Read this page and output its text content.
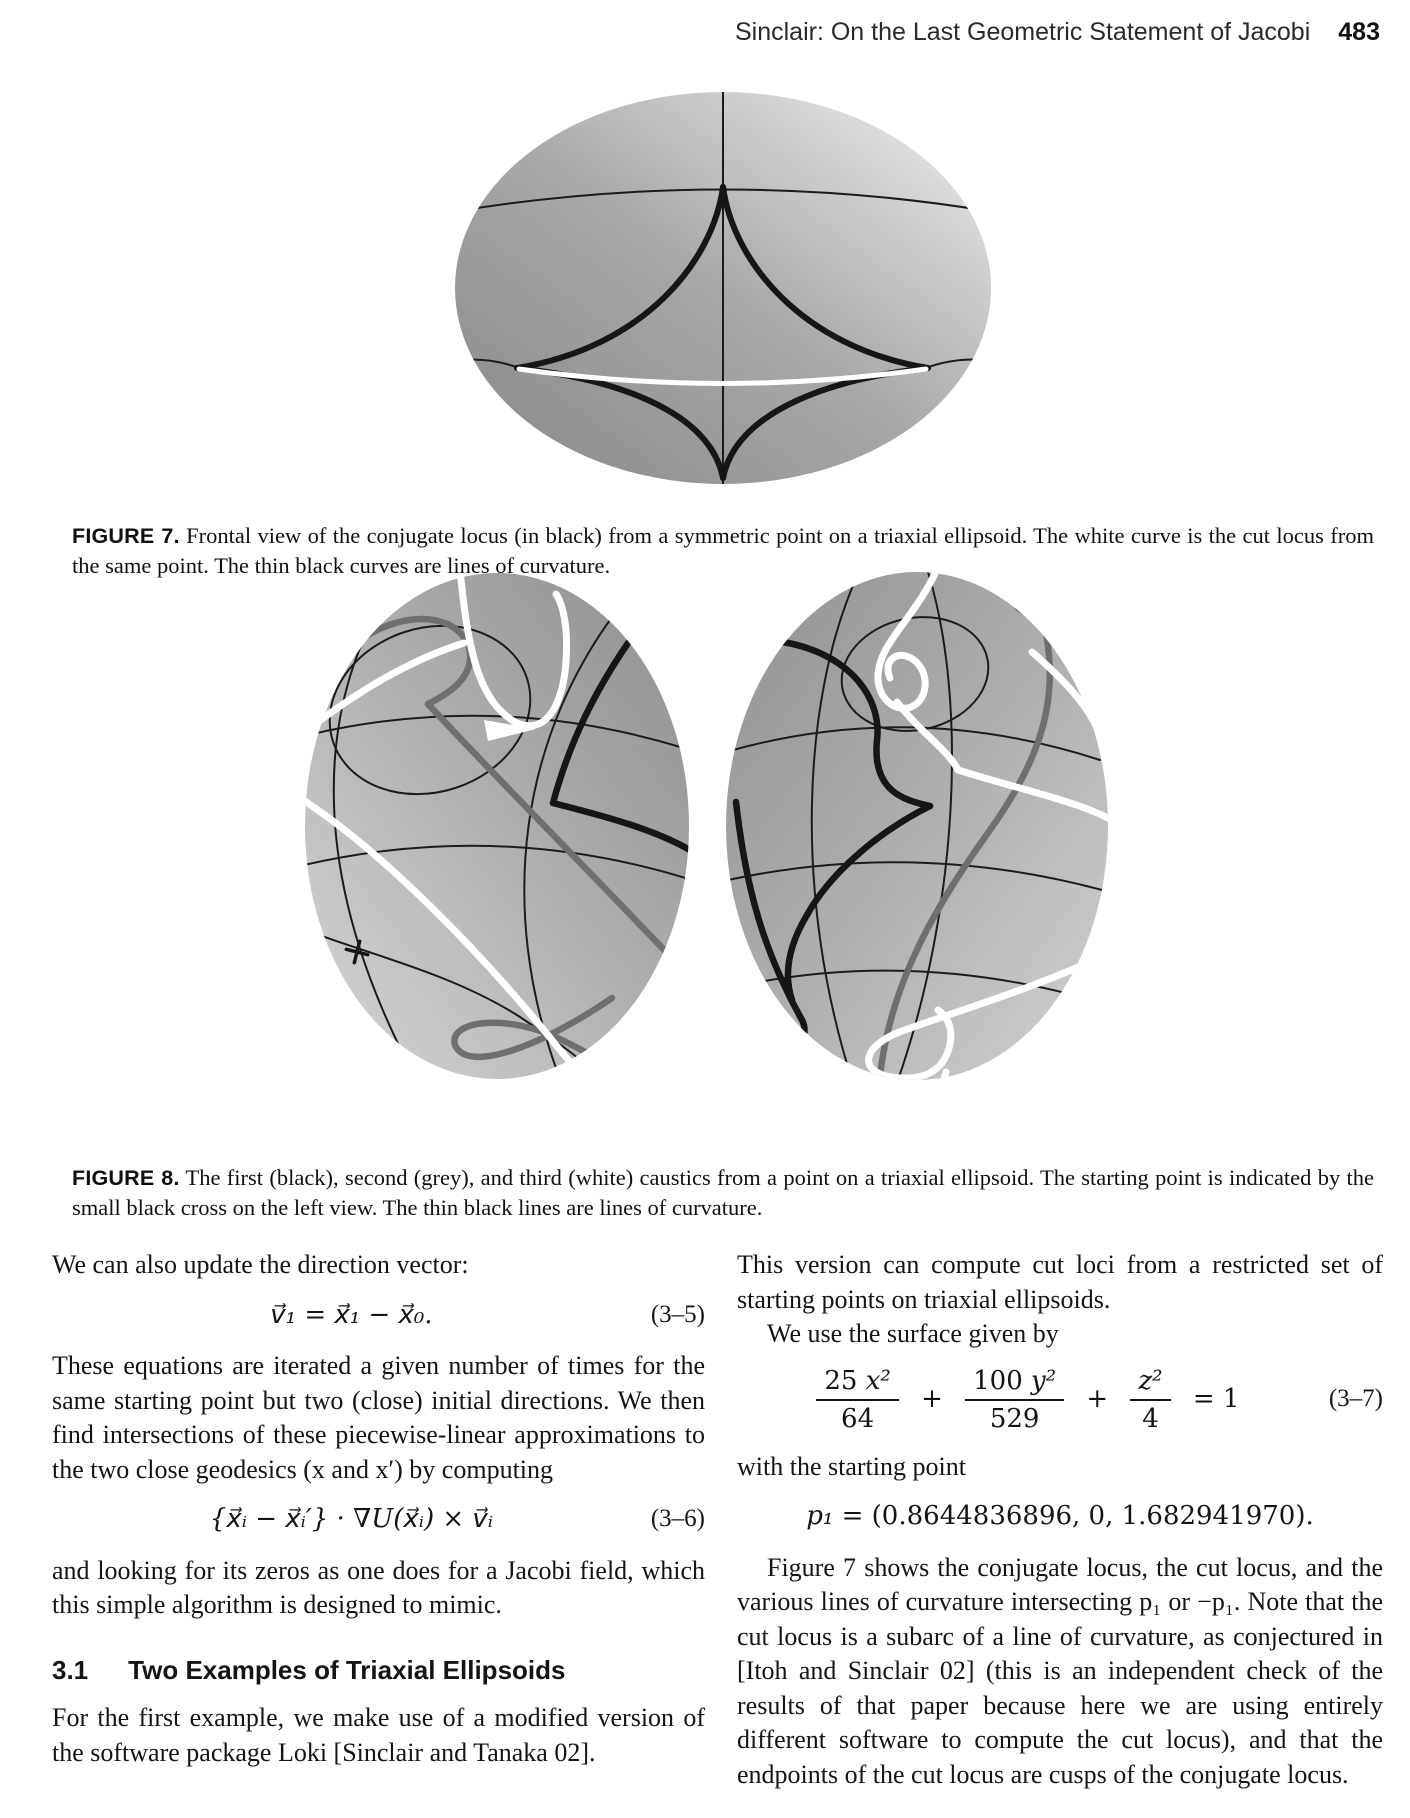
Sinclair: On the Last Geometric Statement of Jacobi 483

FIGURE 7. Frontal view of the conjugate locus (in black) from a symmetric point on a triaxial ellipsoid. The white curve is the cut locus from the same point. The thin black curves are lines of curvature.

FIGURE 8. The first (black), second (grey), and third (white) caustics from a point on a triaxial ellipsoid. The starting point is indicated by the small black cross on the left view. The thin black lines are lines of curvature.

We can also update the direction vector:

v⃗₁ = x⃗₁ − x⃗₀.	(3–5)

These equations are iterated a given number of times for the same starting point but two (close) initial directions. We then find intersections of these piecewise-linear approximations to the two close geodesics (x and x′) by computing

{x⃗ᵢ − x⃗ᵢ′} · ∇U(x⃗ᵢ) × v⃗ᵢ	(3–6)

and looking for its zeros as one does for a Jacobi field, which this simple algorithm is designed to mimic.

3.1 Two Examples of Triaxial Ellipsoids

For the first example, we make use of a modified version of the software package Loki [Sinclair and Tanaka 02].

This version can compute cut loci from a restricted set of starting points on triaxial ellipsoids.

We use the surface given by

$\frac{\text{25 x²}}{64} + \frac{\text{100 y²}}{529} + \frac{\text{z²}}{4} = 1$	(3–7)

with the starting point

p₁ = (0.8644836896, 0, 1.682941970).

Figure 7 shows the conjugate locus, the cut locus, and the various lines of curvature intersecting p₁ or −p₁. Note that the cut locus is a subarc of a line of curvature, as conjectured in [Itoh and Sinclair 02] (this is an independent check of the results of that paper because here we are using entirely different software to compute the cut locus), and that the endpoints of the cut locus are cusps of the conjugate locus.
